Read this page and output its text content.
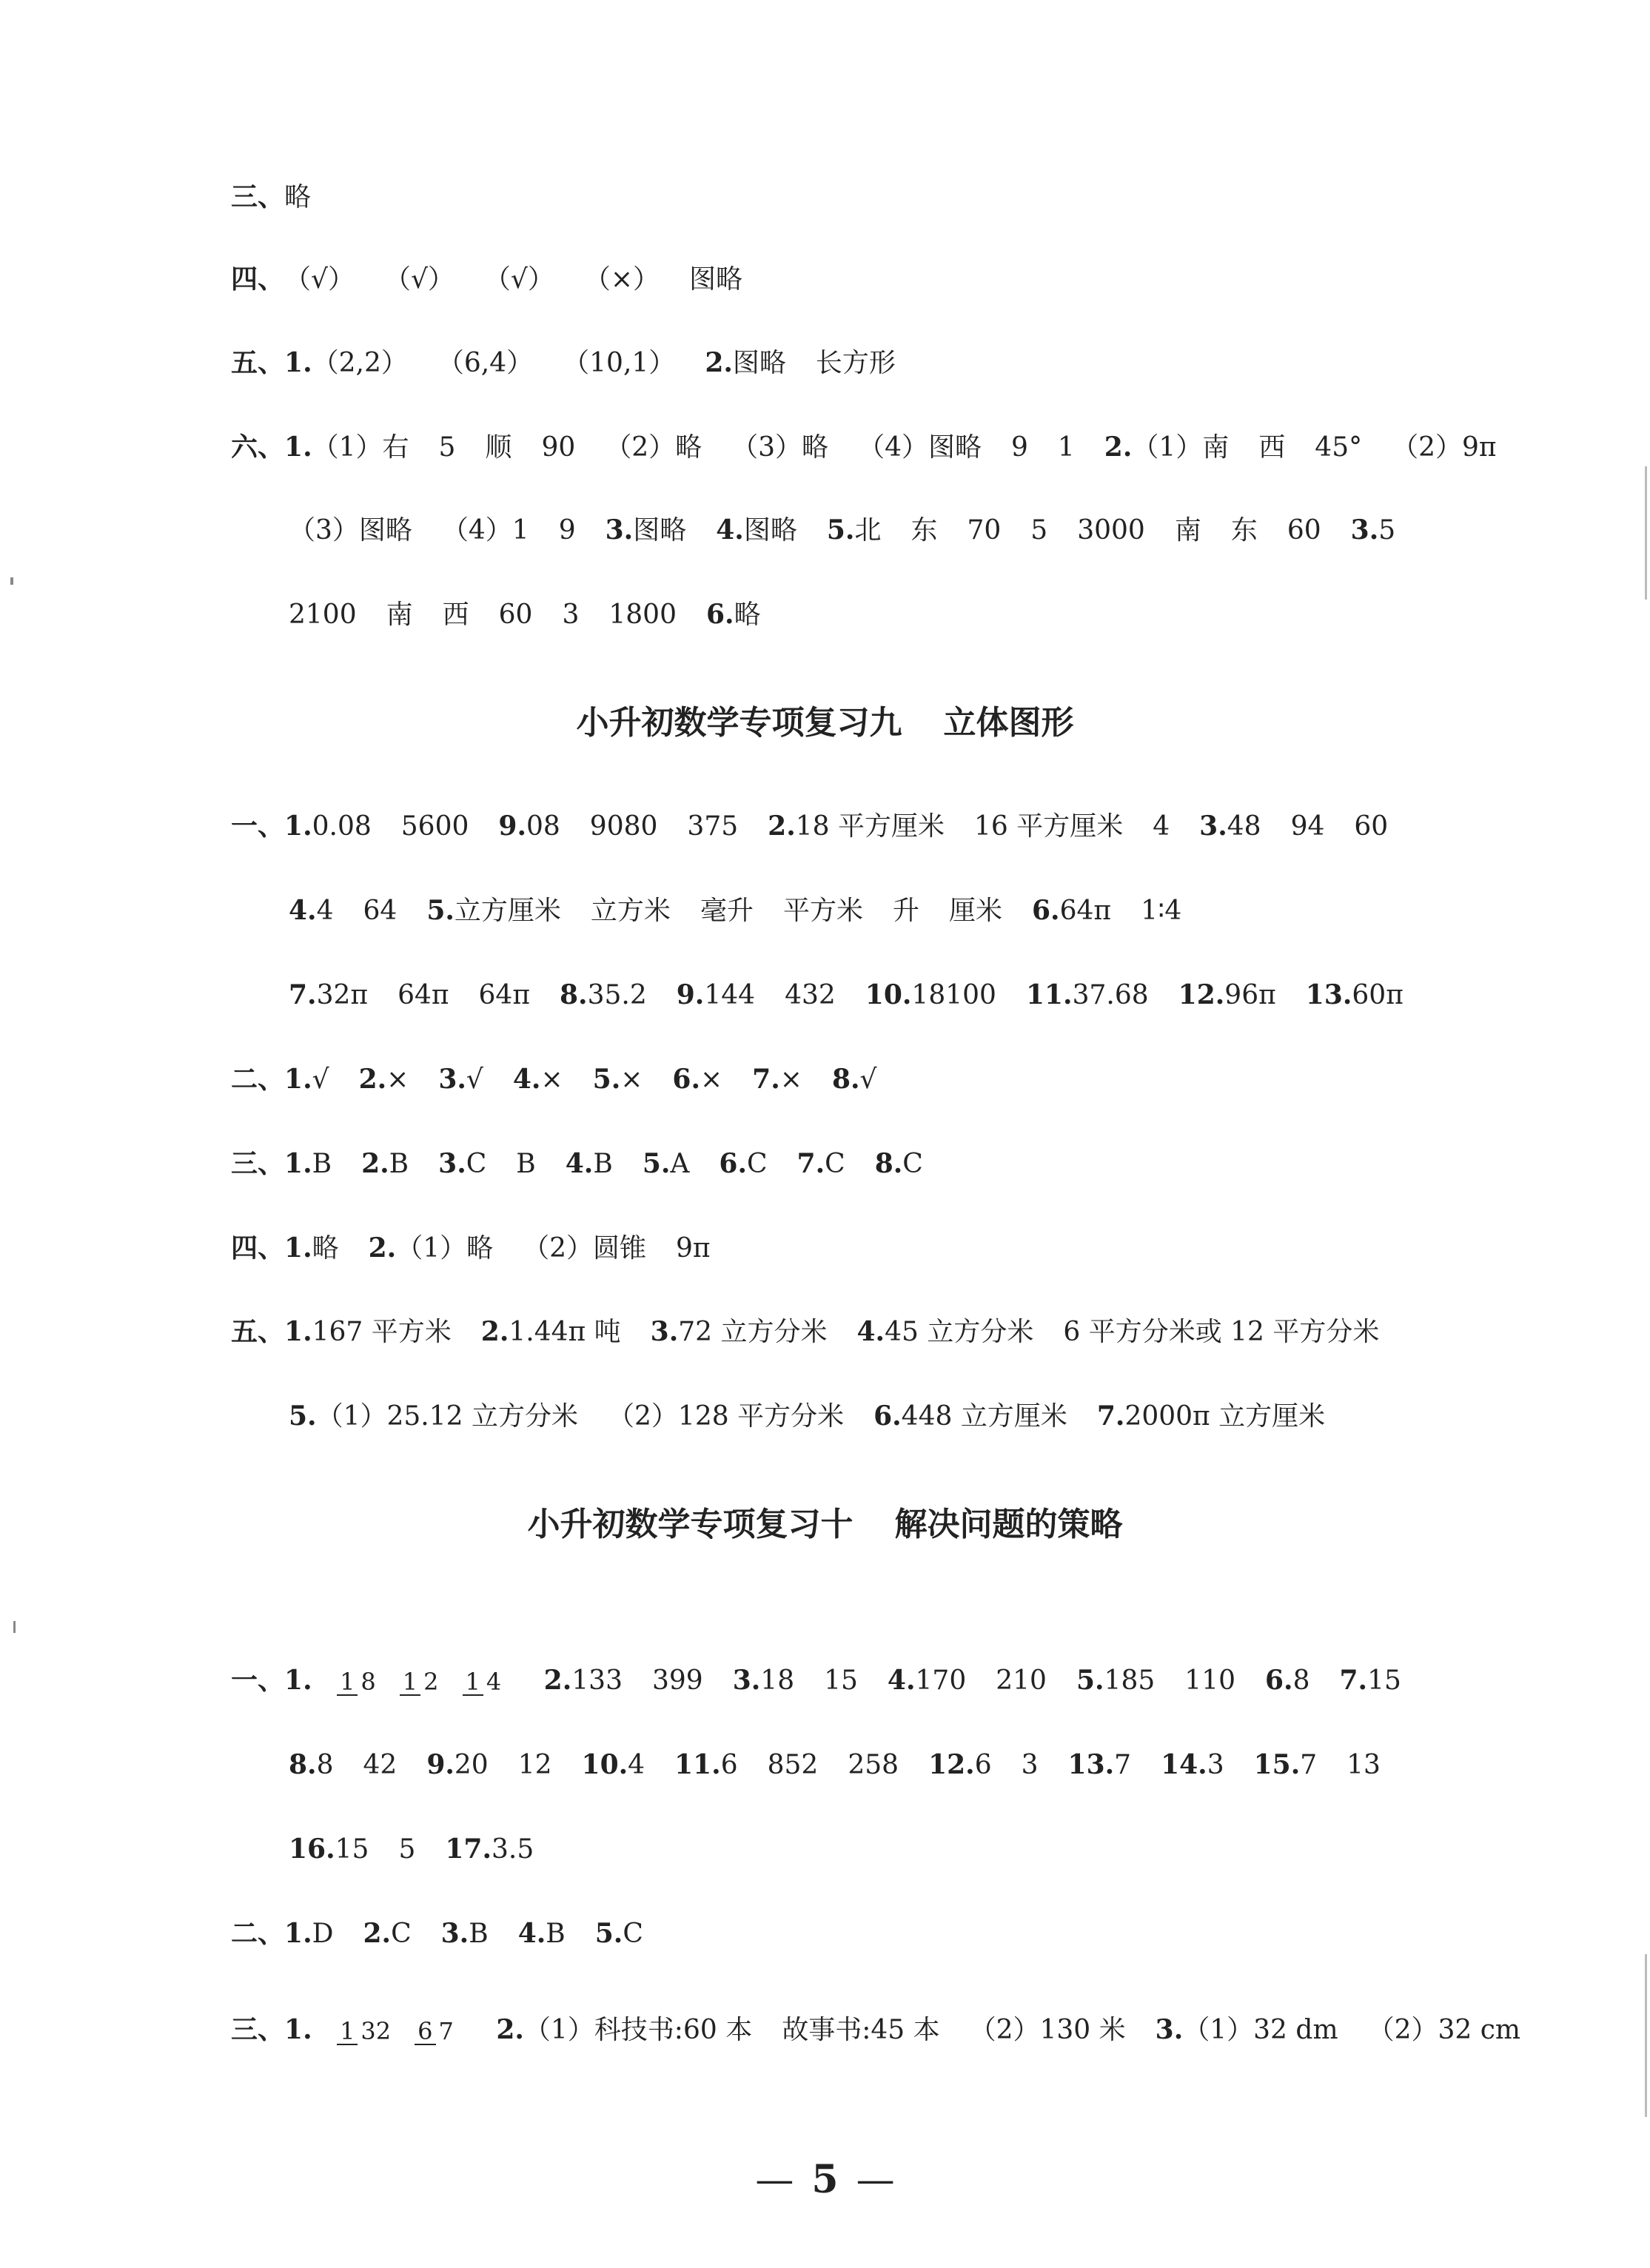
三、略
四、（√） （√） （√） （×） 图略
五、1.（2,2） （6,4） （10,1） 2.图略 长方形
六、1.（1）右 5 顺 90 （2）略 （3）略 （4）图略 9 1 2.（1）南 西 45° （2）9π
（3）图略 （4）1 9 3.图略 4.图略 5.北 东 70 5 3000 南 东 60 3.5
2100 南 西 60 3 1800 6.略
一、1.0.08 5600 9.08 9080 375 2.18 平方厘米 16 平方厘米 4 3.48 94 60
4.4 64 5.立方厘米 立方米 毫升 平方米 升 厘米 6.64π 1∶4
7.32π 64π 64π 8.35.2 9.144 432 10.18100 11.37.68 12.96π 13.60π
二、1.√ 2.× 3.√ 4.× 5.× 6.× 7.× 8.√
三、1.B 2.B 3.C B 4.B 5.A 6.C 7.C 8.C
四、1.略 2.（1）略 （2）圆锥 9π
五、1.167 平方米 2.1.44π 吨 3.72 立方分米 4.45 立方分米 6 平方分米或 12 平方分米
5.（1）25.12 立方分米 （2）128 平方分米 6.448 立方厘米 7.2000π 立方厘米
8.8 42 9.20 12 10.4 11.6 852 258 12.6 3 13.7 14.3 15.7 13
16.15 5 17.3.5
二、1.D 2.C 3.B 4.B 5.C
小升初数学专项复习九 立体图形
小升初数学专项复习十 解决问题的策略
一、1. 1 8 1 2 1 4 2.133 399 3.18 15 4.170 210 5.185 110 6.8 7.15
三、1. 1 32 6 7 2.（1）科技书:60 本 故事书:45 本 （2）130 米 3.（1）32 dm （2）32 cm
— 5 —
